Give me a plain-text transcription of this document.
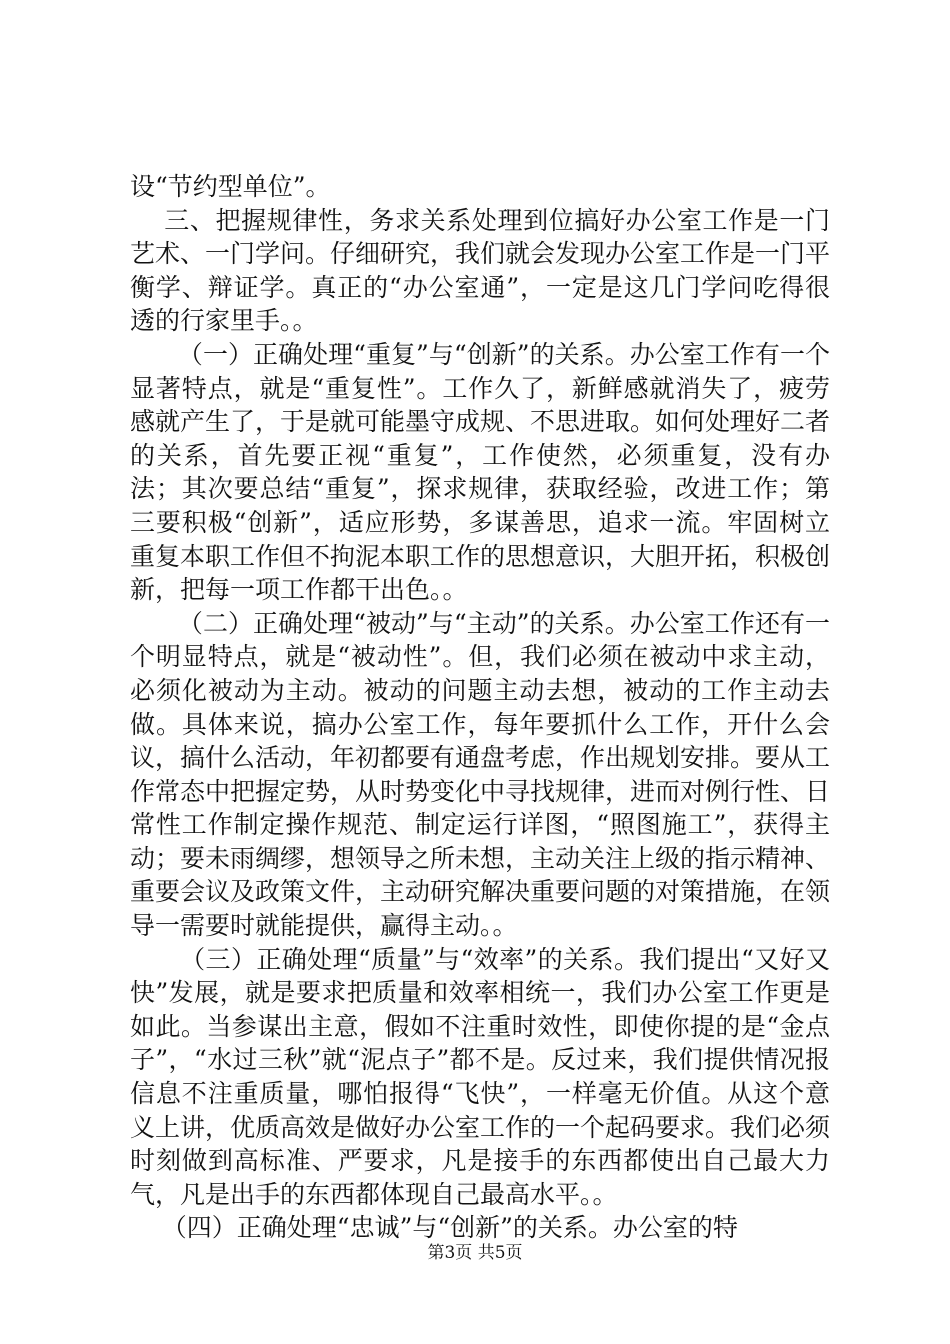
设“节约型单位”。

三、把握规律性，务求关系处理到位搞好办公室工作是一门艺术、一门学问。仔细研究，我们就会发现办公室工作是一门平衡学、辩证学。真正的“办公室通”，一定是这几门学问吃得很透的行家里手。。

（一）正确处理“重复”与“创新”的关系。办公室工作有一个显著特点，就是“重复性”。工作久了，新鲜感就消失了，疲劳感就产生了，于是就可能墨守成规、不思进取。如何处理好二者的关系，首先要正视“重复”，工作使然，必须重复，没有办法；其次要总结“重复”，探求规律，获取经验，改进工作；第三要积极“创新”，适应形势，多谋善思，追求一流。牢固树立重复本职工作但不拘泥本职工作的思想意识，大胆开拓，积极创新，把每一项工作都干出色。。

（二）正确处理“被动”与“主动”的关系。办公室工作还有一个明显特点，就是“被动性”。但，我们必须在被动中求主动，必须化被动为主动。被动的问题主动去想，被动的工作主动去做。具体来说，搞办公室工作，每年要抓什么工作，开什么会议，搞什么活动，年初都要有通盘考虑，作出规划安排。要从工作常态中把握定势，从时势变化中寻找规律，进而对例行性、日常性工作制定操作规范、制定运行详图，“照图施工”，获得主动；要未雨绸缪，想领导之所未想，主动关注上级的指示精神、重要会议及政策文件，主动研究解决重要问题的对策措施，在领导一需要时就能提供，赢得主动。。

（三）正确处理“质量”与“效率”的关系。我们提出“又好又快”发展，就是要求把质量和效率相统一，我们办公室工作更是如此。当参谋出主意，假如不注重时效性，即使你提的是“金点子”，“水过三秋”就“泥点子”都不是。反过来，我们提供情况报信息不注重质量，哪怕报得“飞快”，一样毫无价值。从这个意义上讲，优质高效是做好办公室工作的一个起码要求。我们必须时刻做到高标准、严要求，凡是接手的东西都使出自己最大力气，凡是出手的东西都体现自己最高水平。。

（四）正确处理“忠诚”与“创新”的关系。办公室的特

第3页 共5页
